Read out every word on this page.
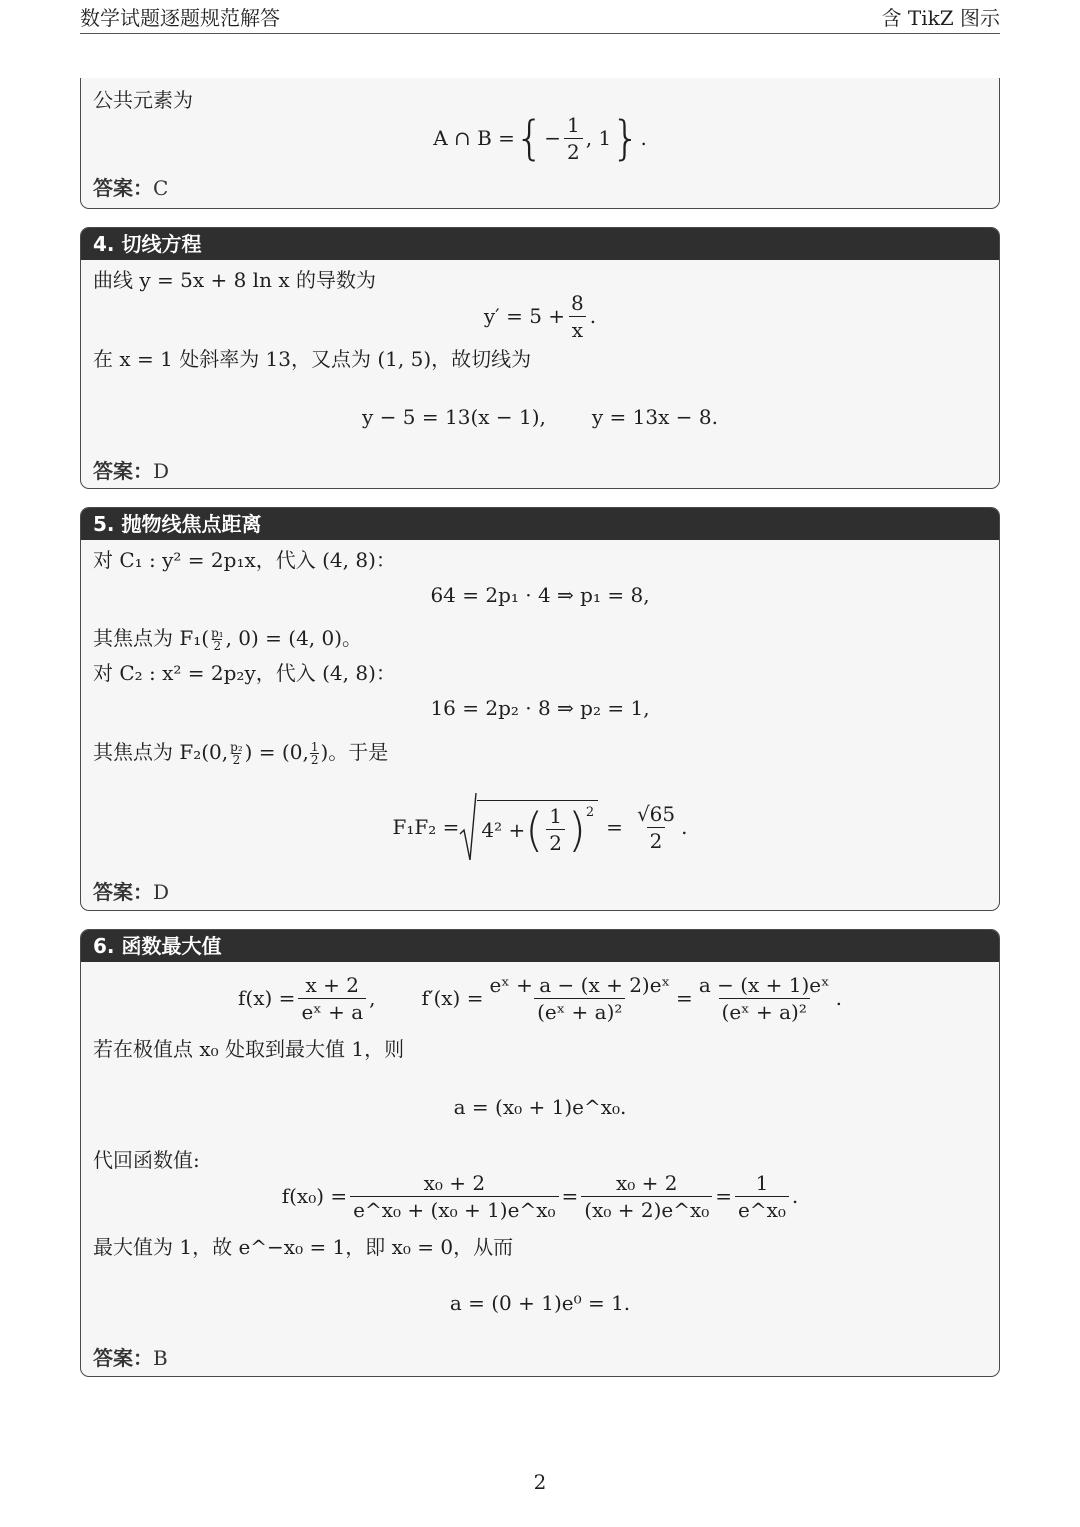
数学试题逐题规范解答	含 TikZ 图示
公共元素为
A ∩ B = { − $\frac{1}{2}$ , 1 } .
答案：C
4. 切线方程
曲线 y = 5x + 8 ln x 的导数为
$y' = 5 + \frac{8}{x}$ .
在 x = 1 处斜率为 13，又点为 (1, 5)，故切线为
y − 5 = 13(x − 1), y = 13x − 8.
答案：D
5. 抛物线焦点距离
对 C₁ : y² = 2p₁x，代入 (4, 8)：
64 = 2p₁ · 4 ⇒ p₁ = 8,
其焦点为 $F_1( \frac{\text{p₁}}{2}$ , 0) = (4, 0)。
对 C₂ : x² = 2p₂y，代入 (4, 8)：
16 = 2p₂ · 8 ⇒ p₂ = 1,
其焦点为 F₂(0, $\frac{\text{p₂}}{2}$ ) = (0, $\frac{1}{2}$ )。于是
F₁F₂ = 4² + ( $\frac{1}{2} )^2$
= $\frac{√65}{2}$ .
答案：D
6. 函数最大值
$f(x) = \frac{x + 2}{\text{eˣ + a}}$ , $f'(x) = \frac{\text{eˣ + a − (x + 2)eˣ}}{\text{(eˣ + a)²}} = \frac{\text{a − (x + 1)eˣ}}{\text{(eˣ + a)²}}$ .
若在极值点 x₀ 处取到最大值 1，则
a = (x₀ + 1)e^x₀.
代回函数值:
$f(x_0) = \frac{\text{x₀ + 2}}{\text{e\textasciicircum{}x₀ + (x₀ + 1)e\textasciicircum{}x₀}} = \frac{\text{x₀ + 2}}{\text{(x₀ + 2)e\textasciicircum{}x₀}} = \frac{1}{\text{e\textasciicircum{}x₀}}$ .
最大值为 1，故 e^−x₀ = 1，即 x₀ = 0，从而
a = (0 + 1)e⁰ = 1.
答案：B
2
